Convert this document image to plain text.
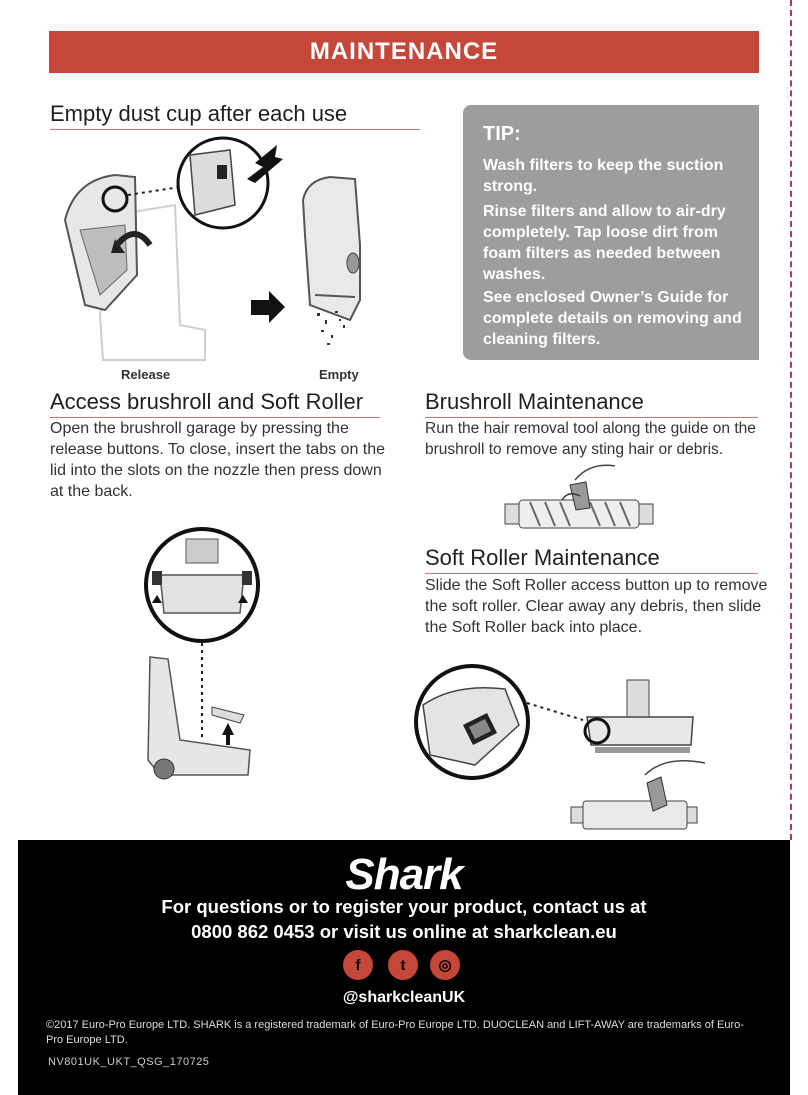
MAINTENANCE
Empty dust cup after each use
Release	Empty
TIP:
Wash filters to keep the suction strong.
Rinse filters and allow to air-dry completely. Tap loose dirt from foam filters as needed between washes.
See enclosed Owner’s Guide for complete details on removing and cleaning filters.
Access brushroll and Soft Roller
Open the brushroll garage by pressing the release buttons. To close, insert the tabs on the lid into the slots on the nozzle then press down at the back.
Brushroll Maintenance
Run the hair removal tool along the guide on the brushroll to remove any sting hair or debris.
Soft Roller Maintenance
Slide the Soft Roller access button up to remove the soft roller. Clear away any debris, then slide the Soft Roller back into place.
Shark
For questions or to register your product, contact us at
0800 862 0453 or visit us online at sharkclean.eu
f	t	◎
@sharkcleanUK
©2017 Euro-Pro Europe LTD. SHARK is a registered trademark of Euro-Pro Europe LTD. DUOCLEAN and LIFT-AWAY are trademarks of Euro-Pro Europe LTD.
NV801UK_UKT_QSG_170725
